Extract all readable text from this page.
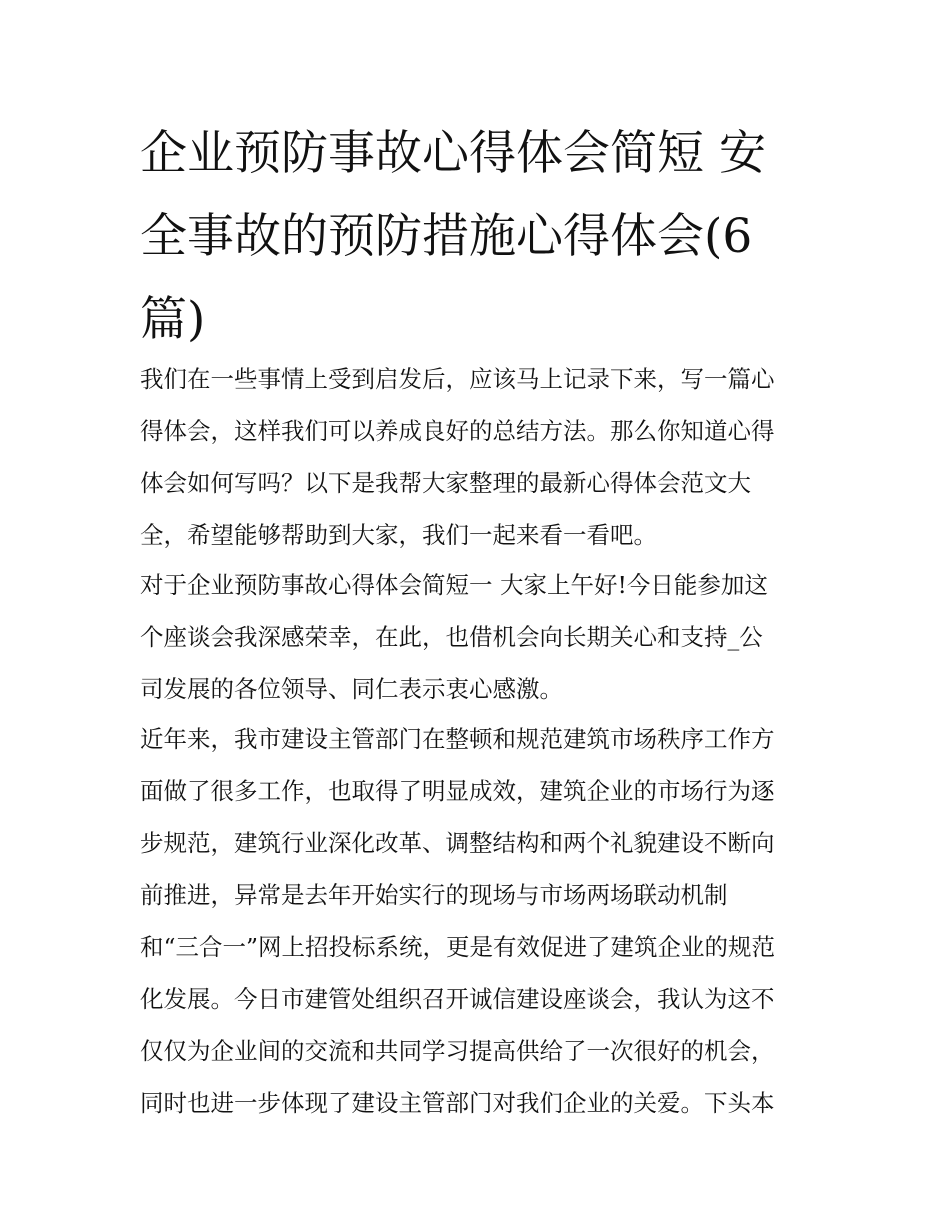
企业预防事故心得体会简短 安
全事故的预防措施心得体会(6
篇)
我们在一些事情上受到启发后，应该马上记录下来，写一篇心
得体会，这样我们可以养成良好的总结方法。那么你知道心得
体会如何写吗？以下是我帮大家整理的最新心得体会范文大
全，希望能够帮助到大家，我们一起来看一看吧。
对于企业预防事故心得体会简短一 大家上午好!今日能参加这
个座谈会我深感荣幸，在此，也借机会向长期关心和支持_公
司发展的各位领导、同仁表示衷心感激。
近年来，我市建设主管部门在整顿和规范建筑市场秩序工作方
面做了很多工作，也取得了明显成效，建筑企业的市场行为逐
步规范，建筑行业深化改革、调整结构和两个礼貌建设不断向
前推进，异常是去年开始实行的现场与市场两场联动机制
和“三合一”网上招投标系统，更是有效促进了建筑企业的规范
化发展。今日市建管处组织召开诚信建设座谈会，我认为这不
仅仅为企业间的交流和共同学习提高供给了一次很好的机会，
同时也进一步体现了建设主管部门对我们企业的关爱。下头本
